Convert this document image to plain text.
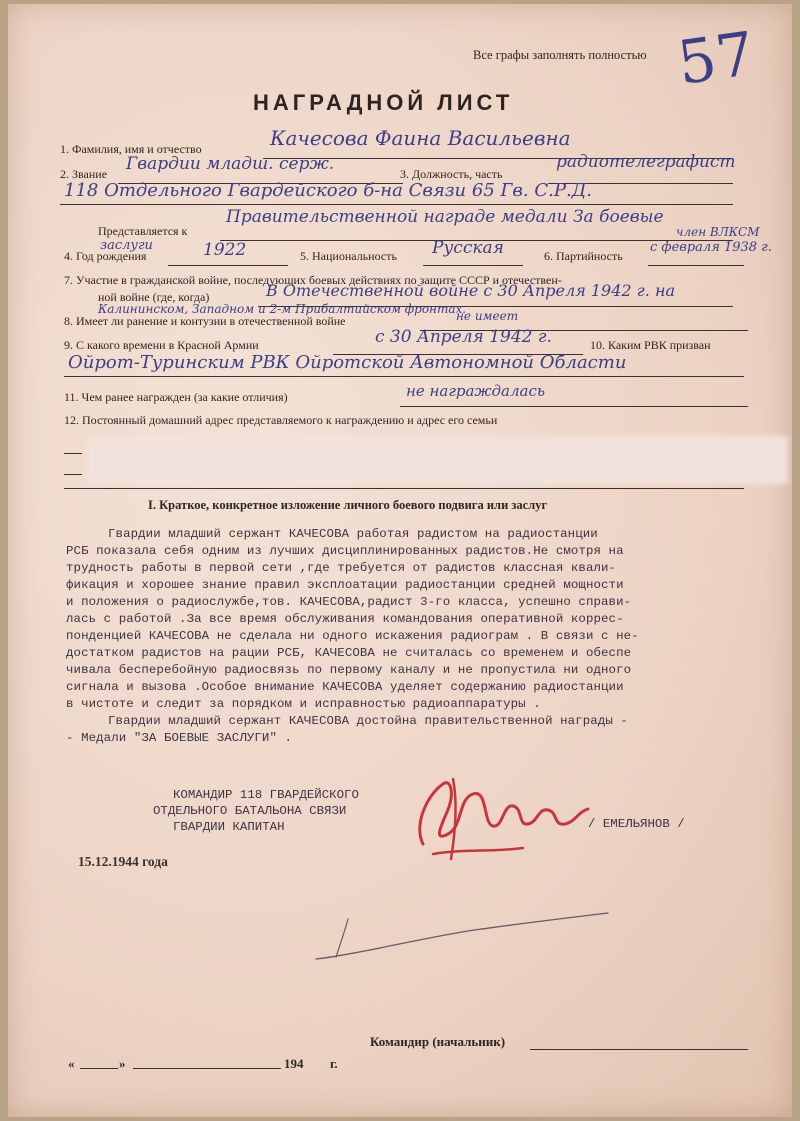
Все графы заполнять полностью 57
НАГРАДНОЙ ЛИСТ
1. Фамилия, имя и отчество	Качесова Фаина Васильевна
2. Звание Гвардии младш. серж.	3. Должность, часть
радиотелеграфист
118 Отдельного Гвардейского б-на Связи 65 Гв. С.Р.Д.
Представляется к
Правительственной награде медали За боевые
заслуги
4. Год рождения	1922	5. Национальность Русская	6. Партийность
член ВЛКСМ
с февраля 1938 г.
7. Участие в гражданской войне, последующих боевых действиях по защите СССР и отечествен-
ной войне (где, когда)	В Отечественной войне с 30 Апреля 1942 г. на
Калининском, Западном и 2-м Прибалтийском фронтах.
8. Имеет ли ранение и контузии в отечественной войне	не имеет
9. С какого времени в Красной Армии	с 30 Апреля 1942 г.	10. Каким РВК призван
Ойрот-Туринским РВК Ойротской Автономной Области
11. Чем ранее награжден (за какие отличия)	не награждалась
12. Постоянный домашний адрес представляемого к награждению и адрес его семьи
I. Краткое, конкретное изложение личного боевого подвига или заслуг
Гвардии младший сержант КАЧЕСОВА работая радистом на радиостанции
РСБ показала себя одним из лучших дисциплинированных радистов.Не смотря на
трудность работы в первой сети ,где требуется от радистов классная квали-
фикация и хорошее знание правил эксплоатации радиостанции средней мощности
и положения о радиослужбе,тов. КАЧЕСОВА,радист 3-го класса, успешно справи-
лась с работой .За все время обслуживания командования оперативной корреc-
понденцией КАЧЕСОВА не сделала ни одного искажения радиограм . В связи с не-
достатком радистов на рации РСБ, КАЧЕСОВА не считалась со временем и обеспе
чивала бесперебойную радиосвязь по первому каналу и не пропустила ни одного
сигнала и вызова .Особое внимание КАЧЕСОВА уделяет содержанию радиостанции
в чистоте и следит за порядком и исправностью радиоаппаратуры .
Гвардии младший сержант КАЧЕСОВА достойна правительственной награды -
- Медали "ЗА БОЕВЫЕ ЗАСЛУГИ" .
КОМАНДИР 118 ГВАРДЕЙСКОГО
ОТДЕЛЬНОГО БАТАЛЬОНА СВЯЗИ
ГВАРДИИ КАПИТАН	/ ЕМЕЛЬЯНОВ /
15.12.1944 года
Командир (начальник)
«	»	194 г.
